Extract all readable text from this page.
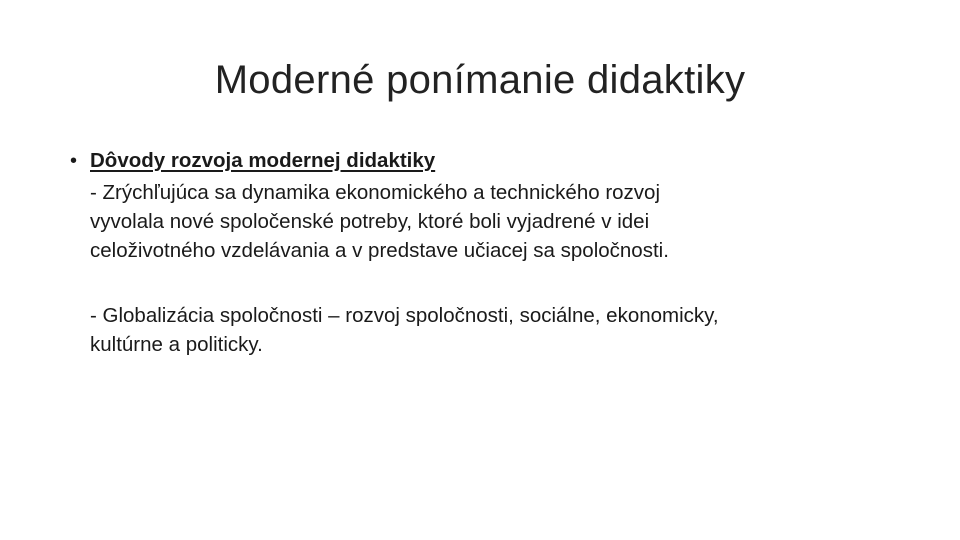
Moderné ponímanie didaktiky
• Dôvody rozvoja modernej didaktiky
- Zrýchľujúca sa dynamika ekonomického a technického rozvoj
vyvolala nové spoločenské potreby, ktoré boli vyjadrené v idei
celoživotného vzdelávania a v predstave učiacej sa spoločnosti.
- Globalizácia spoločnosti – rozvoj spoločnosti, sociálne, ekonomicky,
kultúrne a politicky.
